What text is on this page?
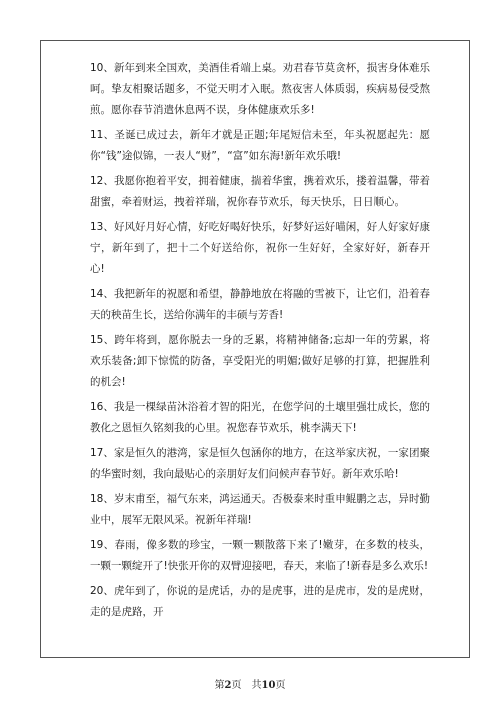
10、新年到来全国欢，美酒佳肴端上桌。劝君春节莫贪杯，损害身体难乐呵。挚友相聚话题多，不觉天明才入眠。熬夜害人体质弱，疾病易侵受熬煎。愿你春节消遣休息两不误，身体健康欢乐多!

11、圣诞已成过去，新年才就是正题;年尾短信未至，年头祝愿起先：愿你“钱”途似锦，一表人“财”，“富”如东海!新年欢乐哦!

12、我愿你抱着平安，拥着健康，揣着华蜜，携着欢乐，搂着温馨，带着甜蜜，牵着财运，拽着祥瑞，祝你春节欢乐，每天快乐，日日顺心。

13、好风好月好心情，好吃好喝好快乐，好梦好运好喵闲，好人好家好康宁，新年到了，把十二个好送给你，祝你一生好好，全家好好，新春开心!

14、我把新年的祝愿和希望，静静地放在将融的雪被下，让它们，沿着春天的秧苗生长，送给你满年的丰硕与芳香!

15、跨年将到，愿你脱去一身的乏累，将精神储备;忘却一年的劳累，将欢乐装备;卸下惊慌的防备，享受阳光的明媚;做好足够的打算，把握胜利的机会!

16、我是一棵绿苗沐浴着才智的阳光，在您学问的土壤里强壮成长，您的教化之恩恒久铭刻我的心里。祝您春节欢乐，桃李满天下!

17、家是恒久的港湾，家是恒久包涵你的地方，在这举家庆祝，一家团聚的华蜜时刻，我向最贴心的亲朋好友们问候声春节好。新年欢乐哈!

18、岁末甫至，福气东来，鸿运通天。否极泰来时重申鲲鹏之志，异时勤业中，展军无限风采。祝新年祥瑞!

19、春雨，像多数的珍宝，一颗一颗散落下来了!嫩芽，在多数的枝头，一颗一颗绽开了!快张开你的双臂迎接吧，春天，来临了!新春是多么欢乐!

20、虎年到了，你说的是虎话，办的是虎事，进的是虎市，发的是虎财，走的是虎路，开

第2页　共10页
